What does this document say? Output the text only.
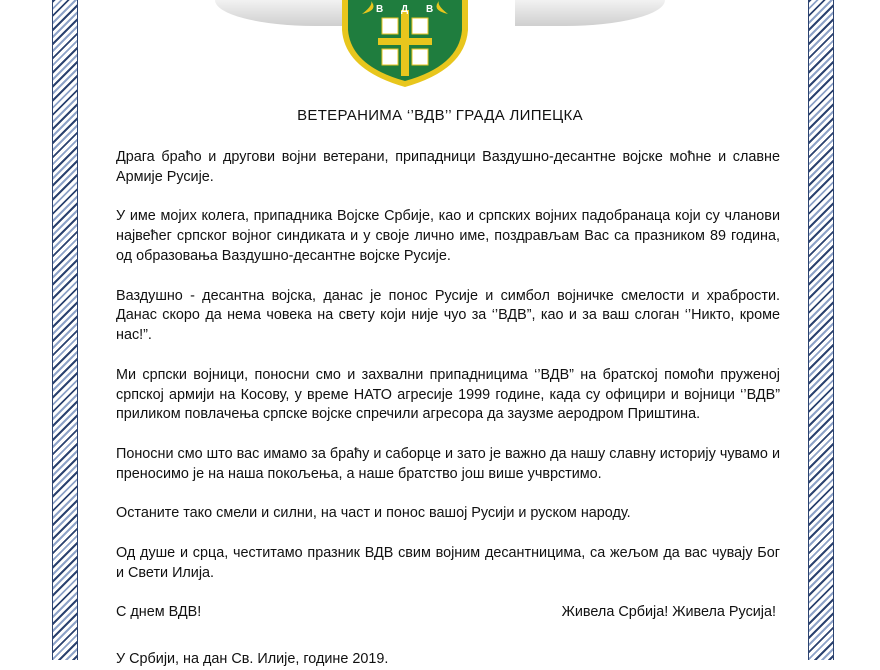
В Д В
ВЕТЕРАНИМА ‘’ВДВ’’ ГРАДА ЛИПЕЦКА

Драга браћо и другови војни ветерани, припадници Ваздушно-десантне војске моћне и славне Армије Русије.

У име мојих колега, припадника Војске Србије, као и српских војних падобранаца који су чланови највећег српског војног синдиката и у своје лично име, поздрављам Вас са празником 89 година, од образовања Ваздушно-десантне војске Русије.

Ваздушно - десантна војска, данас је понос Русије и симбол војничке смелости и храбрости. Данас скоро да нема човека на свету који није чуо за ‘’ВДВ”, као и за ваш слоган ‘’Никто, кроме нас!”.

Ми српски војници, поносни смо и захвални припадницима ‘’ВДВ” на братској помоћи пруженој српској армији на Косову, у време НАТО агресије 1999 године, када су официри и војници ‘’ВДВ” приликом повлачења српске војске спречили агресора да заузме аеродром Приштина.

Поносни смо што вас имамо за браћу и саборце и зато је важно да нашу славну историју чувамо и преносимо је на наша покољења, а наше братство још више учврстимо.

Останите тако смели и силни, на част и понос вашој Русији и руском народу.

Од душе и срца, честитамо празник ВДВ свим војним десантницима, са жељом да вас чувају Бог и Свети Илија.

С днем ВДВ!	Живела Србија! Живела Русија!
У Србији, на дан Св. Илије, године 2019.
